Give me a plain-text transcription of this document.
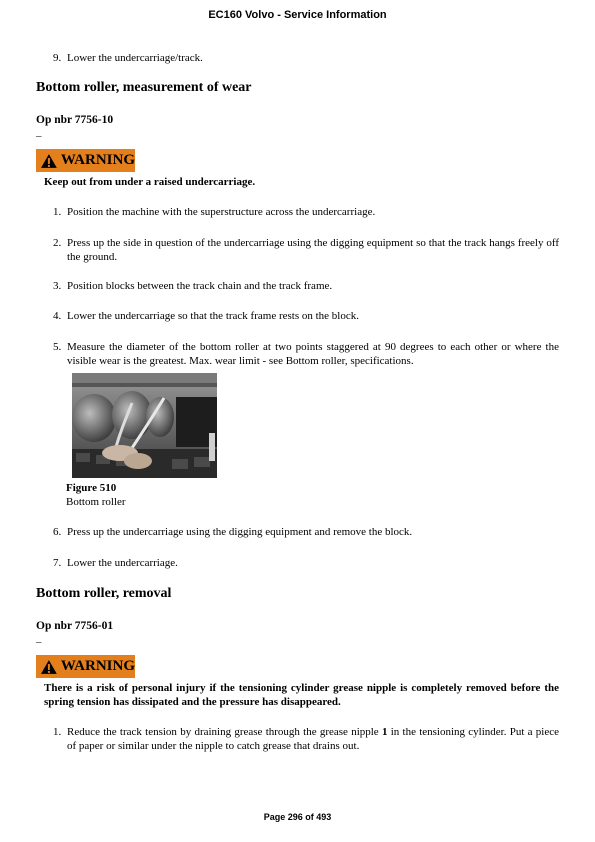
EC160 Volvo - Service Information
9. Lower the undercarriage/track.
Bottom roller, measurement of wear
Op nbr 7756-10
–
WARNING
Keep out from under a raised undercarriage.
1. Position the machine with the superstructure across the undercarriage.
2. Press up the side in question of the undercarriage using the digging equipment so that the track hangs freely off the ground.
3. Position blocks between the track chain and the track frame.
4. Lower the undercarriage so that the track frame rests on the block.
5. Measure the diameter of the bottom roller at two points staggered at 90 degrees to each other or where the visible wear is the greatest. Max. wear limit - see Bottom roller, specifications.
Figure 510
Bottom roller
6. Press up the undercarriage using the digging equipment and remove the block.
7. Lower the undercarriage.
Bottom roller, removal
Op nbr 7756-01
–
WARNING
There is a risk of personal injury if the tensioning cylinder grease nipple is completely removed before the spring tension has dissipated and the pressure has disappeared.
1. Reduce the track tension by draining grease through the grease nipple 1 in the tensioning cylinder. Put a piece of paper or similar under the nipple to catch grease that drains out.
Page 296 of 493
